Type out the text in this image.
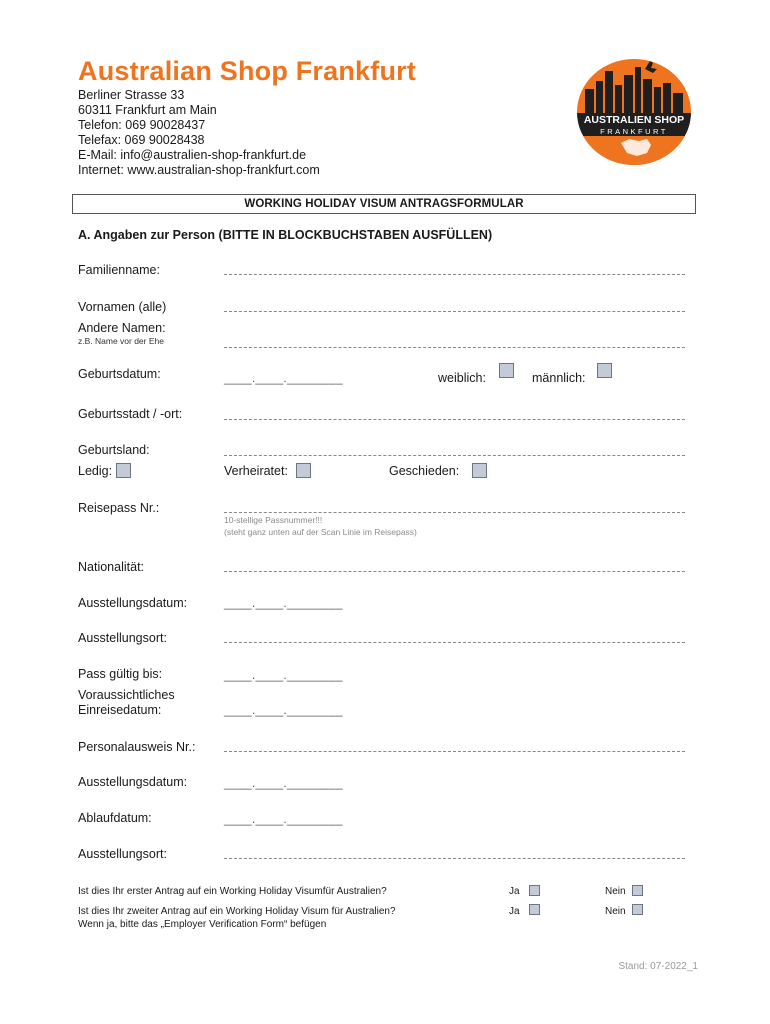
Australian Shop Frankfurt
Berliner Strasse 33
60311 Frankfurt am Main
Telefon: 069 90028437
Telefax: 069 90028438
E-Mail: info@australien-shop-frankfurt.de
Internet: www.australian-shop-frankfurt.com
AUSTRALIEN SHOP
FRANKFURT
WORKING HOLIDAY VISUM ANTRAGSFORMULAR
A. Angaben zur Person (BITTE IN BLOCKBUCHSTABEN AUSFÜLLEN)
Familienname:
Vornamen (alle)
Andere Namen:
z.B. Name vor der Ehe
Geburtsdatum:	____.____.________	weiblich:	männlich:
Geburtsstadt / -ort:
Geburtsland:
Ledig:	Verheiratet:	Geschieden:
Reisepass Nr.:
10-stellige Passnummer!!!
(steht ganz unten auf der Scan Linie im Reisepass)
Nationalität:
Ausstellungsdatum:	____.____.________
Ausstellungsort:
Pass gültig bis:	____.____.________
Voraussichtliches
Einreisedatum:	____.____.________
Personalausweis Nr.:
Ausstellungsdatum:	____.____.________
Ablaufdatum:	____.____.________
Ausstellungsort:
Ist dies Ihr erster Antrag auf ein Working Holiday Visumfür Australien?	Ja	Nein
Ist dies Ihr zweiter Antrag auf ein Working Holiday Visum für Australien?
Wenn ja, bitte das „Employer Verification Form“ befügen
Ja	Nein
Stand: 07-2022_1
